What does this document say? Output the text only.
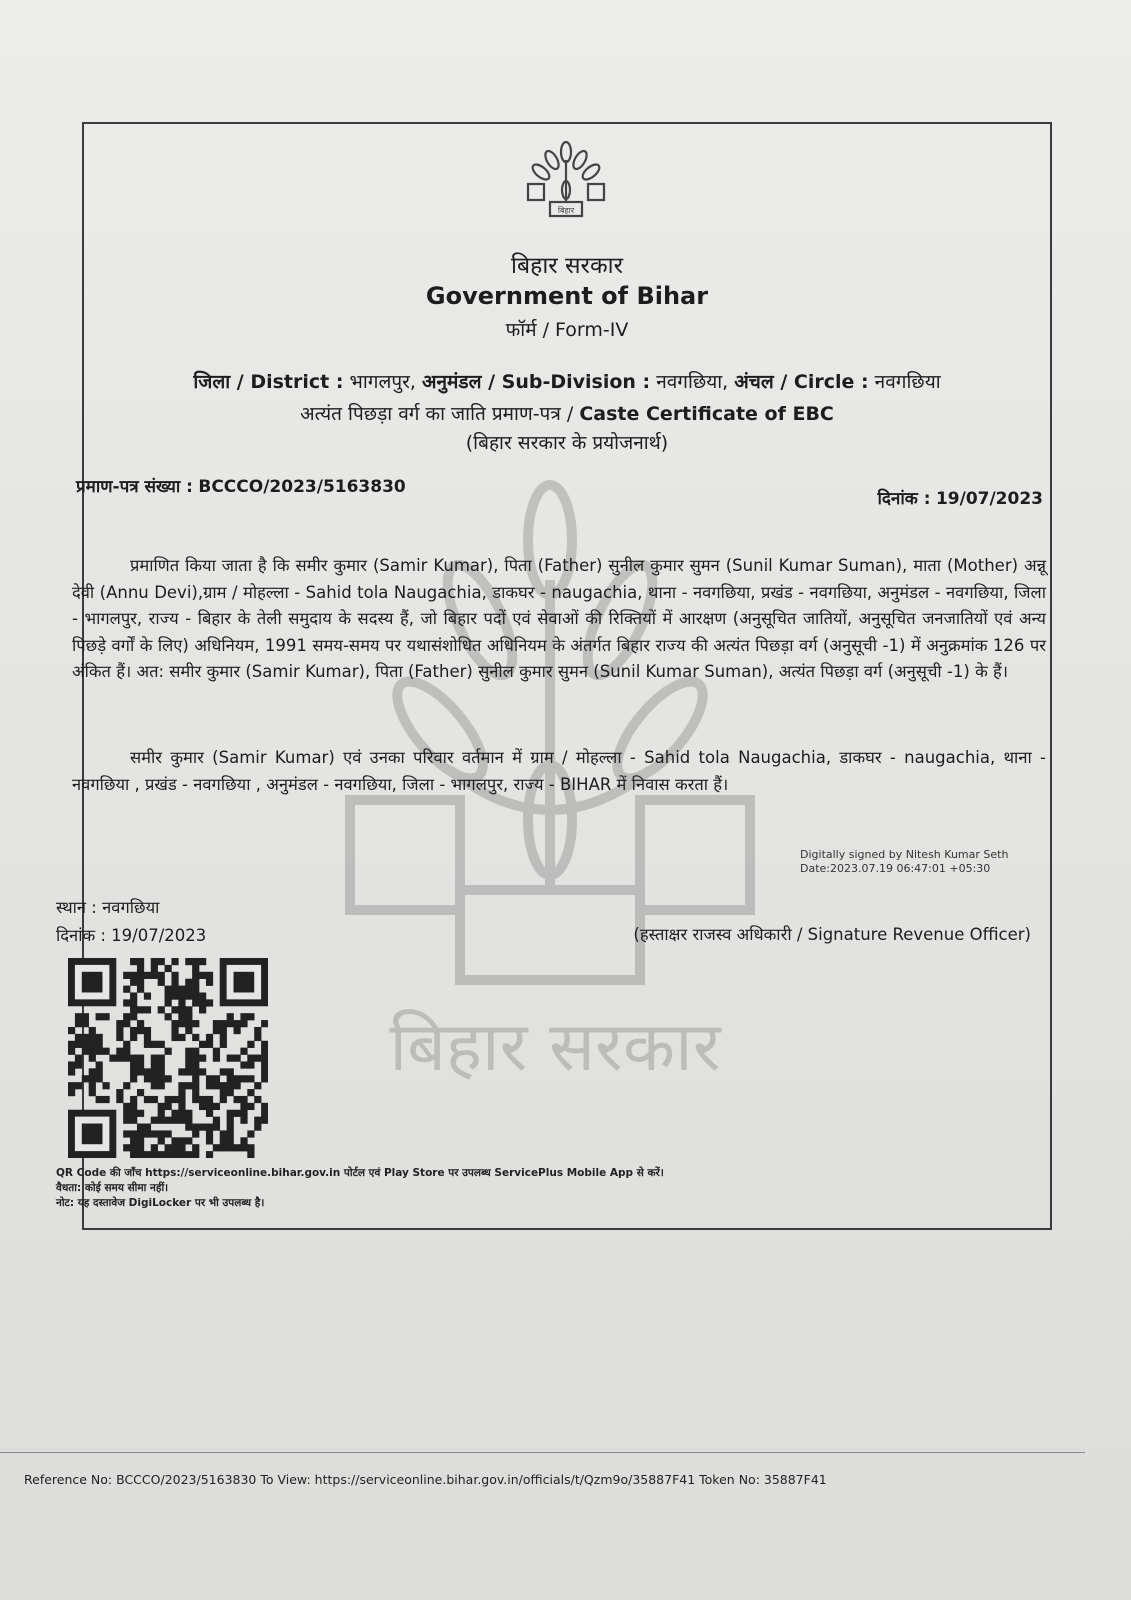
बिहार सरकार
बिहार
बिहार सरकार
Government of Bihar
फॉर्म / Form-IV
जिला / District : भागलपुर, अनुमंडल / Sub-Division : नवगछिया, अंचल / Circle : नवगछिया
अत्यंत पिछड़ा वर्ग का जाति प्रमाण-पत्र / Caste Certificate of EBC
(बिहार सरकार के प्रयोजनार्थ)
प्रमाण-पत्र संख्या : BCCCO/2023/5163830
दिनांक : 19/07/2023

प्रमाणित किया जाता है कि समीर कुमार (Samir Kumar), पिता (Father) सुनील कुमार सुमन (Sunil Kumar Suman), माता (Mother) अन्नू देवी (Annu Devi),ग्राम / मोहल्ला - Sahid tola Naugachia, डाकघर - naugachia, थाना - नवगछिया, प्रखंड - नवगछिया, अनुमंडल - नवगछिया, जिला - भागलपुर, राज्य - बिहार के तेली समुदाय के सदस्य हैं, जो बिहार पदों एवं सेवाओं की रिक्तियों में आरक्षण (अनुसूचित जातियों, अनुसूचित जनजातियों एवं अन्य पिछड़े वर्गों के लिए) अधिनियम, 1991 समय-समय पर यथासंशोधित अधिनियम के अंतर्गत बिहार राज्य की अत्यंत पिछड़ा वर्ग (अनुसूची -1) में अनुक्रमांक 126 पर अंकित हैं। अत: समीर कुमार (Samir Kumar), पिता (Father) सुनील कुमार सुमन (Sunil Kumar Suman), अत्यंत पिछड़ा वर्ग (अनुसूची -1) के हैं।

समीर कुमार (Samir Kumar) एवं उनका परिवार वर्तमान में ग्राम / मोहल्ला - Sahid tola Naugachia, डाकघर - naugachia, थाना - नवगछिया , प्रखंड - नवगछिया , अनुमंडल - नवगछिया, जिला - भागलपुर, राज्य - BIHAR में निवास करता हैं।

Digitally signed by Nitesh Kumar Seth
Date:2023.07.19 06:47:01 +05:30
स्थान : नवगछिया
दिनांक : 19/07/2023	(हस्ताक्षर राजस्व अधिकारी / Signature Revenue Officer)
QR Code की जाँच https://serviceonline.bihar.gov.in पोर्टल एवं Play Store पर उपलब्ध ServicePlus Mobile App से करें।
वैधता: कोई समय सीमा नहीं।
नोट: यह दस्तावेज DigiLocker पर भी उपलब्ध है।
Reference No: BCCCO/2023/5163830 To View: https://serviceonline.bihar.gov.in/officials/t/Qzm9o/35887F41 Token No: 35887F41
